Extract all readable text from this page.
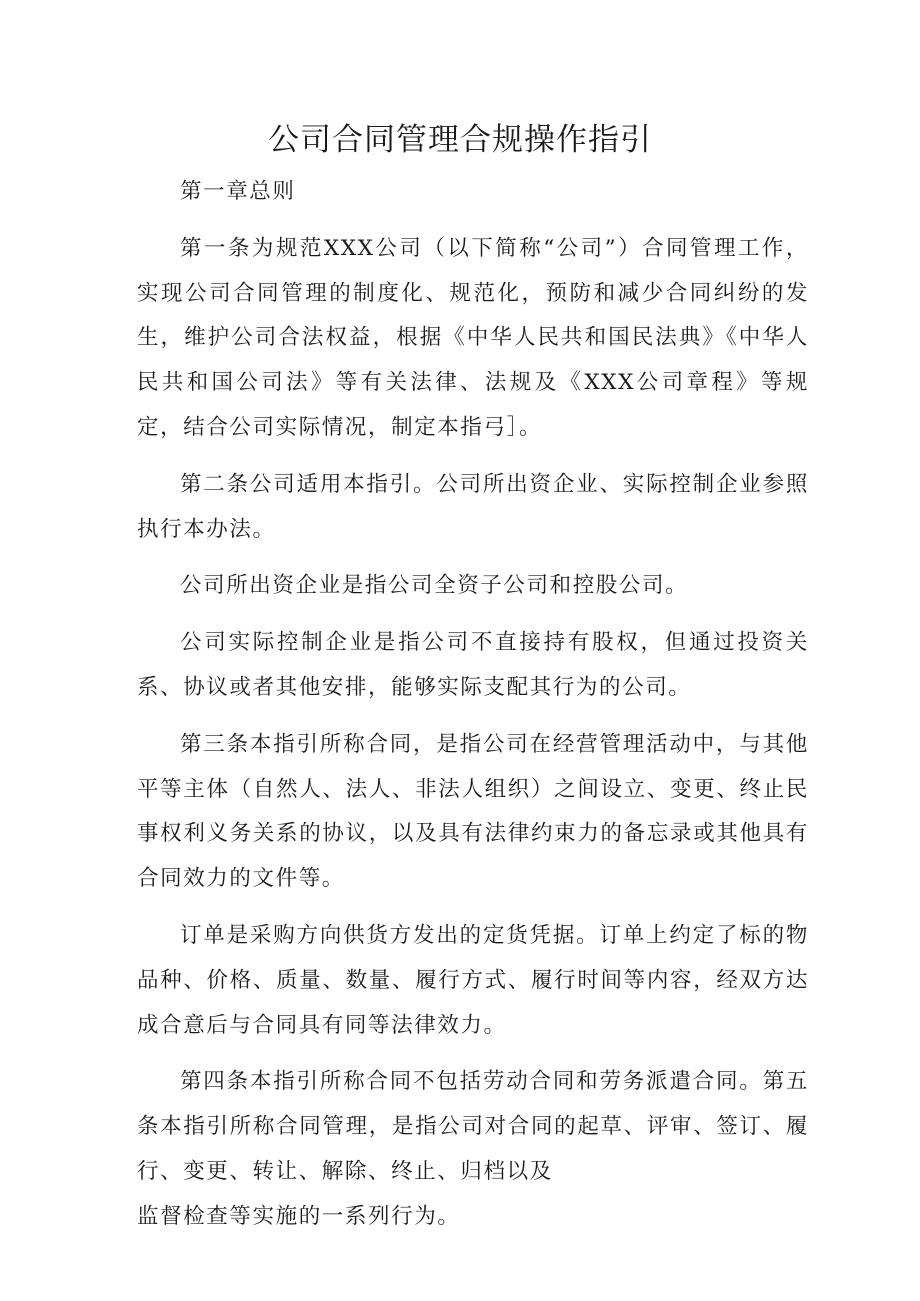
公司合同管理合规操作指引

第一章总则

第一条为规范XXX公司（以下简称“公司”）合同管理工作，实现公司合同管理的制度化、规范化，预防和减少合同纠纷的发生，维护公司合法权益，根据《中华人民共和国民法典》《中华人民共和国公司法》等有关法律、法规及《XXX公司章程》等规定，结合公司实际情况，制定本指弓］。

第二条公司适用本指引。公司所出资企业、实际控制企业参照执行本办法。

公司所出资企业是指公司全资子公司和控股公司。

公司实际控制企业是指公司不直接持有股权，但通过投资关系、协议或者其他安排，能够实际支配其行为的公司。

第三条本指引所称合同，是指公司在经营管理活动中，与其他平等主体（自然人、法人、非法人组织）之间设立、变更、终止民事权利义务关系的协议，以及具有法律约束力的备忘录或其他具有合同效力的文件等。

订单是采购方向供货方发出的定货凭据。订单上约定了标的物品种、价格、质量、数量、履行方式、履行时间等内容，经双方达成合意后与合同具有同等法律效力。

第四条本指引所称合同不包括劳动合同和劳务派遣合同。第五条本指引所称合同管理，是指公司对合同的起草、评审、签订、履行、变更、转让、解除、终止、归档以及

监督检查等实施的一系列行为。
